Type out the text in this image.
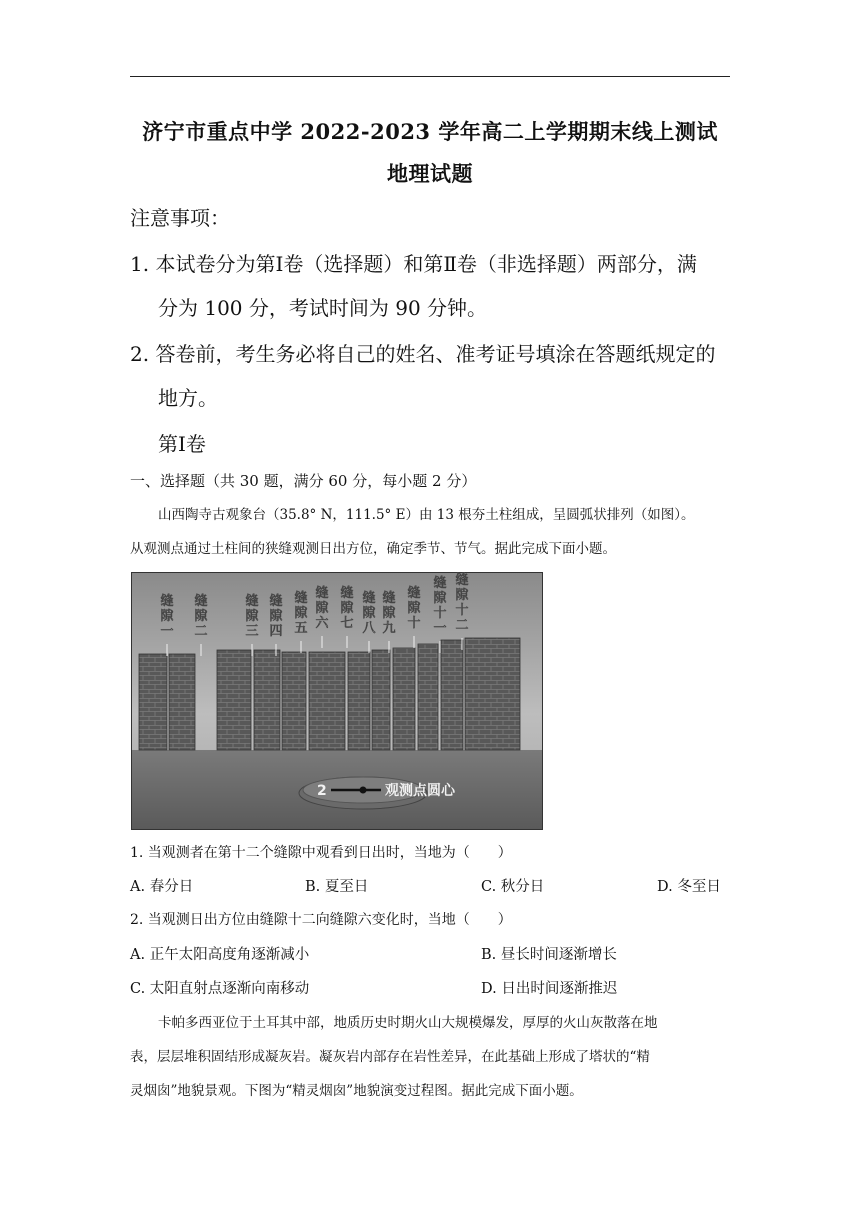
济宁市重点中学 2022-2023 学年高二上学期期末线上测试
地理试题
注意事项：
1. 本试卷分为第Ⅰ卷（选择题）和第Ⅱ卷（非选择题）两部分，满
分为 100 分，考试时间为 90 分钟。
2. 答卷前，考生务必将自己的姓名、准考证号填涂在答题纸规定的
地方。
第Ⅰ卷
一、选择题（共 30 题，满分 60 分，每小题 2 分）
山西陶寺古观象台（35.8° N，111.5° E）由 13 根夯土柱组成，呈圆弧状排列（如图）。
从观测点通过土柱间的狭缝观测日出方位，确定季节、节气。据此完成下面小题。
2	观测点圆心
缝
隙
一
缝
隙
二
缝
隙
三
缝
隙
四
缝
隙
五
缝
隙
六
缝
隙
七
缝
隙
八
缝
隙
九
缝
隙
十
缝
隙
十
一
缝
隙
十
二
1. 当观测者在第十二个缝隙中观看到日出时，当地为（　　）
A. 春分日	B. 夏至日	C. 秋分日	D. 冬至日
2. 当观测日出方位由缝隙十二向缝隙六变化时，当地（　　）
A. 正午太阳高度角逐渐减小	B. 昼长时间逐渐增长
C. 太阳直射点逐渐向南移动	D. 日出时间逐渐推迟
卡帕多西亚位于土耳其中部，地质历史时期火山大规模爆发，厚厚的火山灰散落在地
表，层层堆积固结形成凝灰岩。凝灰岩内部存在岩性差异，在此基础上形成了塔状的“精
灵烟囱”地貌景观。下图为“精灵烟囱”地貌演变过程图。据此完成下面小题。
